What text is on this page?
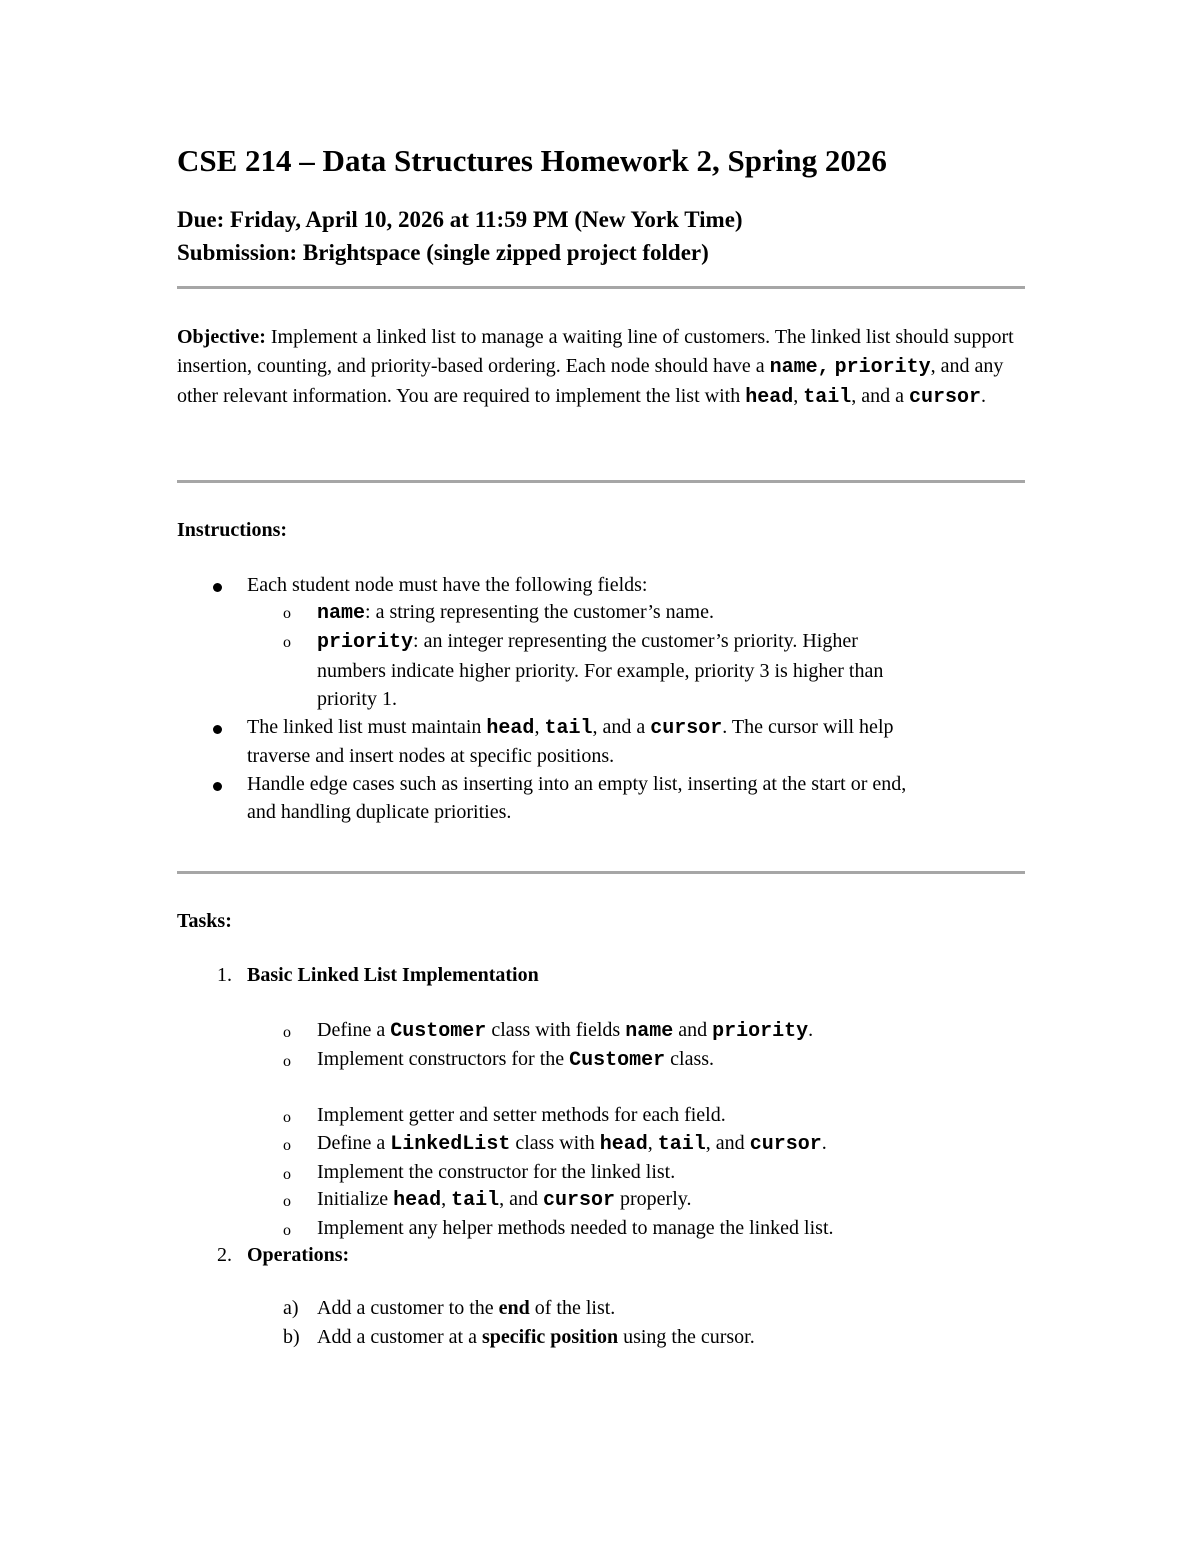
CSE 214 – Data Structures Homework 2, Spring 2026
Due: Friday, April 10, 2026 at 11:59 PM (New York Time)
Submission: Brightspace (single zipped project folder)
Objective: Implement a linked list to manage a waiting line of customers. The linked list should support insertion, counting, and priority-based ordering. Each node should have a name, priority, and any other relevant information. You are required to implement the list with head, tail, and a cursor.
Instructions:
Each student node must have the following fields:
o name: a string representing the customer’s name.
o priority: an integer representing the customer’s priority. Higher
numbers indicate higher priority. For example, priority 3 is higher than
priority 1.
The linked list must maintain head, tail, and a cursor. The cursor will help
traverse and insert nodes at specific positions.
Handle edge cases such as inserting into an empty list, inserting at the start or end,
and handling duplicate priorities.
Tasks:
1. Basic Linked List Implementation
o Define a Customer class with fields name and priority.
o Implement constructors for the Customer class.
o Implement getter and setter methods for each field.
o Define a LinkedList class with head, tail, and cursor.
o Implement the constructor for the linked list.
o Initialize head, tail, and cursor properly.
o Implement any helper methods needed to manage the linked list.
2. Operations:
a) Add a customer to the end of the list.
b) Add a customer at a specific position using the cursor.
